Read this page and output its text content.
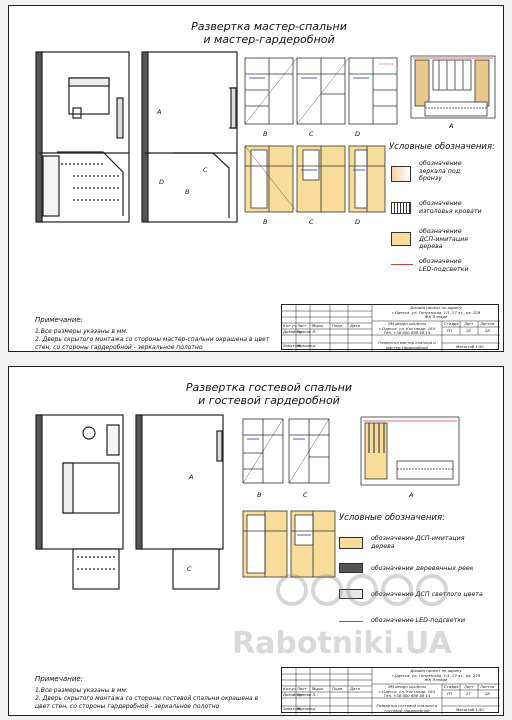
Развертка мастер-спальни
и мастер-гардеробной
A
D
B
C
B	C	D
A
B	C	D
Условные обозначения:
обозначение
зеркала под
бронзу
обозначение
изголовья кровати
обозначение
ДСП-имитация
дерева
обозначение
LED-подсветки
Примечание:
1.Все размеры указаны в мм.
2. Дверь скрытого монтажа со стороны мастер-спальни окрашена в цвет
стен, со стороны гардеробной - зеркальное полотно
Кол.уч Лист №док. Подп. Дата
Дизайнер
Гриняк Л.
Заказчик
Мукомод
Дизайн проект по адресу
г.Одесса, ул. Генуэзская, 1/1, 27 эт., кв. 229
ЖК Элладе
ЭМ design solutions
г.Одесса, ул. Костанди, 164
Тел. +38 000 698 48 14
Стадия Лист Листов
РП	26	28
Развертка мастер-спальни и
мастер-гардеробной	Масштаб 1:50
Развертка гостевой спальни
и гостевой гардеробной
A
C
B	C	A
Условные обозначения:
обозначение ДСП-имитация
дерева
обозначение деревянных реек
обозначение ДСП светлого цвета
обозначение LED-подсветки
Примечание:
1.Все размеры указаны в мм.
2. Дверь скрытого монтажа со стороны гостевой спальни окрашена в
цвет стен, со стороны гардеробной - зеркальное полотно
Кол.уч Лист №док. Подп. Дата
Дизайнер
Гриняк Л.
Заказчик
Мукомод
Дизайн проект по адресу
г.Одесса, ул. Генуэзская, 1/1, 27 эт., кв. 229
ЖК Элладе
ЭМ design solutions
г.Одесса, ул. Костанди, 164
Тел. +38 000 698 48 14
Стадия Лист Листов
РП	27	28
Развертка гостевой спальни и
гостевой гардеробной	Масштаб 1:50
Rabotniki.UA
